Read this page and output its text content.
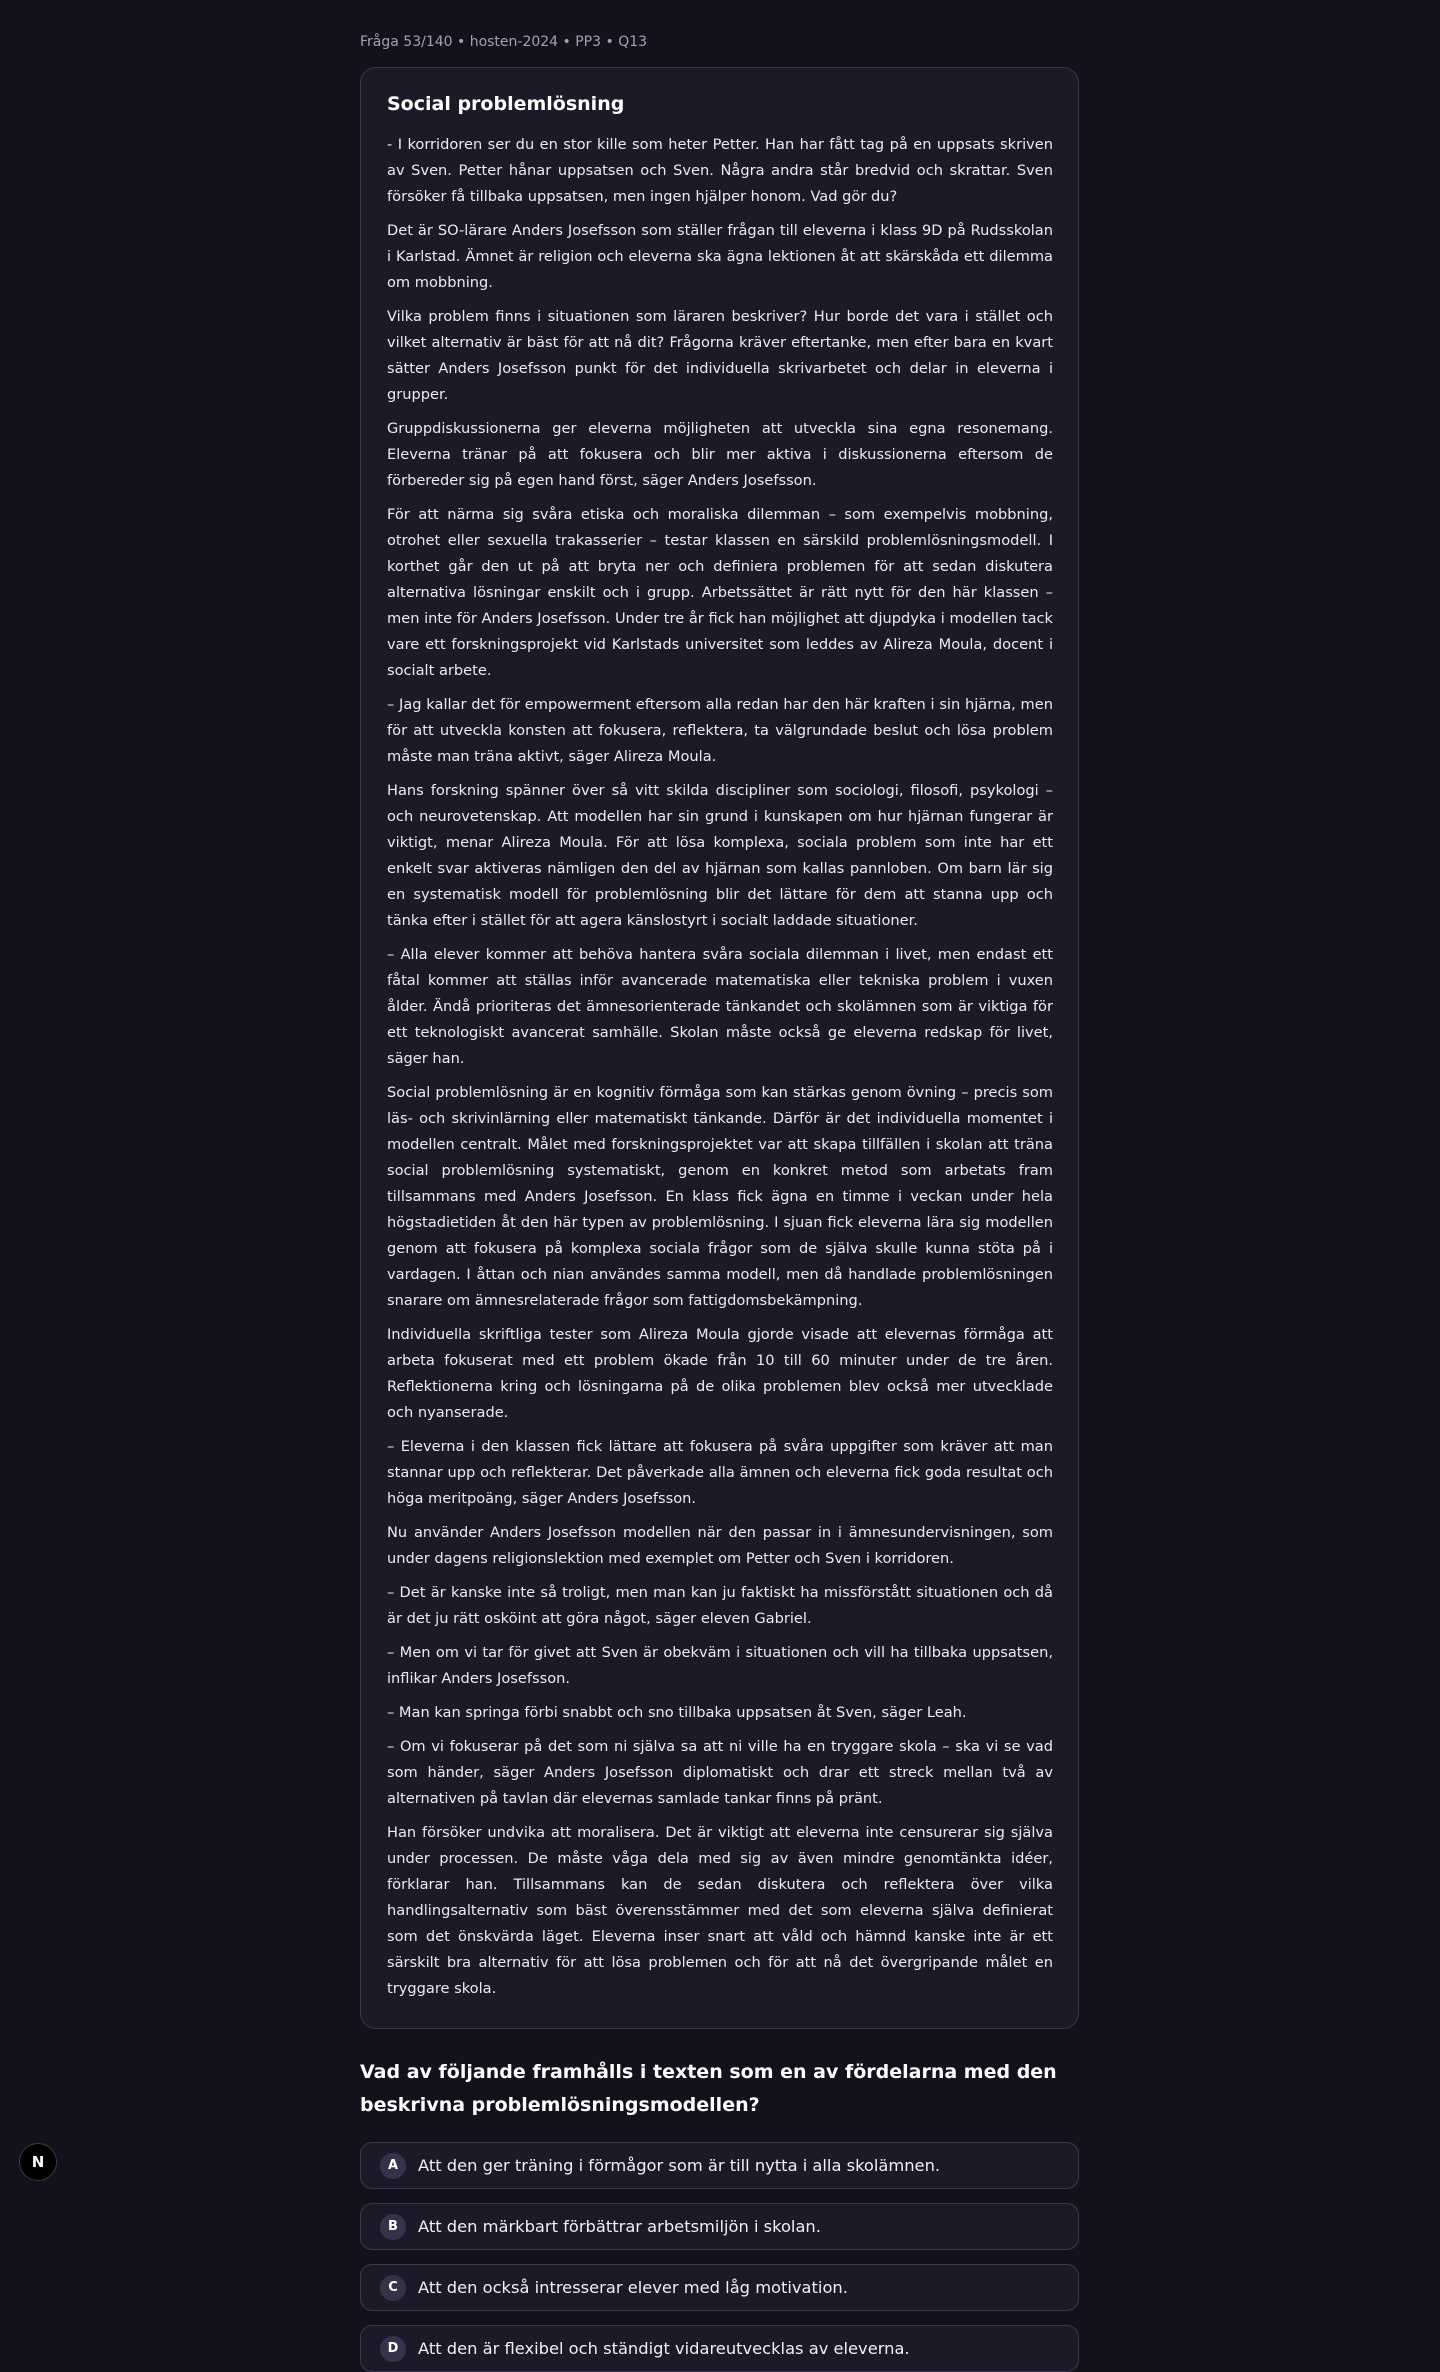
Fråga 53/140 • hosten-2024 • PP3 • Q13
Social problemlösning

- I korridoren ser du en stor kille som heter Petter. Han har fått tag på en uppsats skriven av Sven. Petter hånar uppsatsen och Sven. Några andra står bredvid och skrattar. Sven försöker få tillbaka uppsatsen, men ingen hjälper honom. Vad gör du?

Det är SO-lärare Anders Josefsson som ställer frågan till eleverna i klass 9D på Rudsskolan i Karlstad. Ämnet är religion och eleverna ska ägna lektionen åt att skärskåda ett dilemma om mobbning.

Vilka problem finns i situationen som läraren beskriver? Hur borde det vara i stället och vilket alternativ är bäst för att nå dit? Frågorna kräver eftertanke, men efter bara en kvart sätter Anders Josefsson punkt för det individuella skrivarbetet och delar in eleverna i grupper.

Gruppdiskussionerna ger eleverna möjligheten att utveckla sina egna resonemang. Eleverna tränar på att fokusera och blir mer aktiva i diskussionerna eftersom de förbereder sig på egen hand först, säger Anders Josefsson.

För att närma sig svåra etiska och moraliska dilemman – som exempelvis mobbning, otrohet eller sexuella trakasserier – testar klassen en särskild problemlösningsmodell. I korthet går den ut på att bryta ner och definiera problemen för att sedan diskutera alternativa lösningar enskilt och i grupp. Arbetssättet är rätt nytt för den här klassen – men inte för Anders Josefsson. Under tre år fick han möjlighet att djupdyka i modellen tack vare ett forskningsprojekt vid Karlstads universitet som leddes av Alireza Moula, docent i socialt arbete.

– Jag kallar det för empowerment eftersom alla redan har den här kraften i sin hjärna, men för att utveckla konsten att fokusera, reflektera, ta välgrundade beslut och lösa problem måste man träna aktivt, säger Alireza Moula.

Hans forskning spänner över så vitt skilda discipliner som sociologi, filosofi, psykologi – och neurovetenskap. Att modellen har sin grund i kunskapen om hur hjärnan fungerar är viktigt, menar Alireza Moula. För att lösa komplexa, sociala problem som inte har ett enkelt svar aktiveras nämligen den del av hjärnan som kallas pannloben. Om barn lär sig en systematisk modell för problemlösning blir det lättare för dem att stanna upp och tänka efter i stället för att agera känslostyrt i socialt laddade situationer.

– Alla elever kommer att behöva hantera svåra sociala dilemman i livet, men endast ett fåtal kommer att ställas inför avancerade matematiska eller tekniska problem i vuxen ålder. Ändå prioriteras det ämnesorienterade tänkandet och skolämnen som är viktiga för ett teknologiskt avancerat samhälle. Skolan måste också ge eleverna redskap för livet, säger han.

Social problemlösning är en kognitiv förmåga som kan stärkas genom övning – precis som läs- och skrivinlärning eller matematiskt tänkande. Därför är det individuella momentet i modellen centralt. Målet med forskningsprojektet var att skapa tillfällen i skolan att träna social problemlösning systematiskt, genom en konkret metod som arbetats fram tillsammans med Anders Josefsson. En klass fick ägna en timme i veckan under hela högstadietiden åt den här typen av problemlösning. I sjuan fick eleverna lära sig modellen genom att fokusera på komplexa sociala frågor som de själva skulle kunna stöta på i vardagen. I åttan och nian användes samma modell, men då handlade problemlösningen snarare om ämnesrelaterade frågor som fattigdomsbekämpning.

Individuella skriftliga tester som Alireza Moula gjorde visade att elevernas förmåga att arbeta fokuserat med ett problem ökade från 10 till 60 minuter under de tre åren. Reflektionerna kring och lösningarna på de olika problemen blev också mer utvecklade och nyanserade.

– Eleverna i den klassen fick lättare att fokusera på svåra uppgifter som kräver att man stannar upp och reflekterar. Det påverkade alla ämnen och eleverna fick goda resultat och höga meritpoäng, säger Anders Josefsson.

Nu använder Anders Josefsson modellen när den passar in i ämnesundervisningen, som under dagens religionslektion med exemplet om Petter och Sven i korridoren.

– Det är kanske inte så troligt, men man kan ju faktiskt ha missförstått situationen och då är det ju rätt osköint att göra något, säger eleven Gabriel.

– Men om vi tar för givet att Sven är obekväm i situationen och vill ha tillbaka uppsatsen, inflikar Anders Josefsson.

– Man kan springa förbi snabbt och sno tillbaka uppsatsen åt Sven, säger Leah.

– Om vi fokuserar på det som ni själva sa att ni ville ha en tryggare skola – ska vi se vad som händer, säger Anders Josefsson diplomatiskt och drar ett streck mellan två av alternativen på tavlan där elevernas samlade tankar finns på pränt.

Han försöker undvika att moralisera. Det är viktigt att eleverna inte censurerar sig själva under processen. De måste våga dela med sig av även mindre genomtänkta idéer, förklarar han. Tillsammans kan de sedan diskutera och reflektera över vilka handlingsalternativ som bäst överensstämmer med det som eleverna själva definierat som det önskvärda läget. Eleverna inser snart att våld och hämnd kanske inte är ett särskilt bra alternativ för att lösa problemen och för att nå det övergripande målet en tryggare skola.

Vad av följande framhålls i texten som en av fördelarna med den beskrivna problemlösningsmodellen?
A	Att den ger träning i förmågor som är till nytta i alla skolämnen.
B	Att den märkbart förbättrar arbetsmiljön i skolan.
C	Att den också intresserar elever med låg motivation.
D	Att den är flexibel och ständigt vidareutvecklas av eleverna.
N
